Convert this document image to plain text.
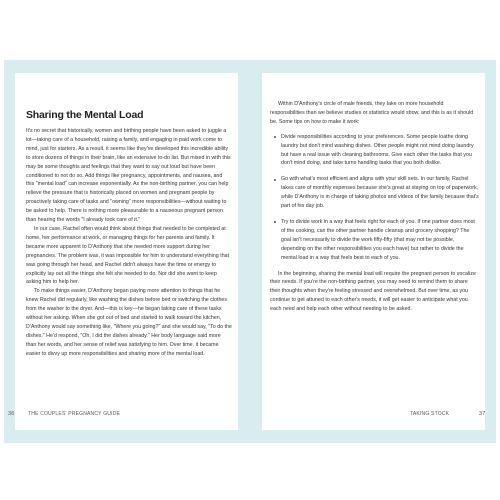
Sharing the Mental Load

It's no secret that historically, women and birthing people have been asked to juggle a lot—taking care of a household, raising a family, and engaging in paid work come to mind, just for starters. As a result, it seems like they've developed this incredible ability to store dozens of things in their brain, like an extensive to-do list. But mixed in with this may be some thoughts and feelings that they want to say out loud but have been conditioned to not do so. Add things like pregnancy, appointments, and nausea, and this "mental load" can increase exponentially. As the non-birthing partner, you can help relieve the pressure that is historically placed on women and pregnant people by proactively taking care of tasks and "owning" more responsibilities—without waiting to be asked to help. There is nothing more pleasurable to a nauseous pregnant person than hearing the words "I already took care of it."

In our case, Rachel often would think about things that needed to be completed at home, her performance at work, or managing things for her parents and family. It became more apparent to D'Anthony that she needed more support during her pregnancies. The problem was, it was impossible for him to understand everything that was going through her head, and Rachel didn't always have the time or energy to explicitly lay out all the things she felt she needed to do. Nor did she want to keep asking him to help her.

To make things easier, D'Anthony began paying more attention to things that he knew Rachel did regularly, like washing the dishes before bed or switching the clothes from the washer to the dryer. And—this is key—he began taking care of these tasks without her asking. When she got out of bed and started to walk toward the kitchen, D'Anthony would say something like, "Where you going?" and she would say, "To do the dishes." He'd respond, "Oh, I did the dishes already." Her body language said more than her words, and her sense of relief was satisfying to him. Over time, it became easier to divvy up more responsibilities and sharing more of the mental load.

Within D'Anthony's circle of male friends, they take on more household responsibilities than we believe studies or statistics would show, and this is as it should be. Some tips on how to make it work:

Divide responsibilities according to your preferences. Some people loathe doing laundry but don't mind washing dishes. Other people might not mind doing laundry but have a real issue with cleaning bathrooms. Give each other the tasks that you don't mind doing, and take turns handling tasks that you both dislike.
Go with what's most efficient and aligns with your skill sets. In our family, Rachel takes care of monthly expenses because she's great at staying on top of paperwork, while D'Anthony is in charge of taking photos and videos of the family because that's part of his day job.
Try to divide work in a way that feels right for each of you. If one partner does most of the cooking, can the other partner handle cleanup and grocery shopping? The goal isn't necessarily to divide the work fifty-fifty (that may not be possible, depending on the other responsibilities you each have) but rather to divide the mental load in a way that feels best to each of you.

In the beginning, sharing the mental load will require the pregnant person to vocalize their needs. If you're the non-birthing partner, you may need to remind them to share their thoughts when they're feeling stressed and overwhelmed. But over time, as you continue to get attuned to each other's needs, it will get easier to anticipate what you each need and help each other without needing to be asked.

36	THE COUPLES' PREGNANCY GUIDE	TAKING STOCK	37
